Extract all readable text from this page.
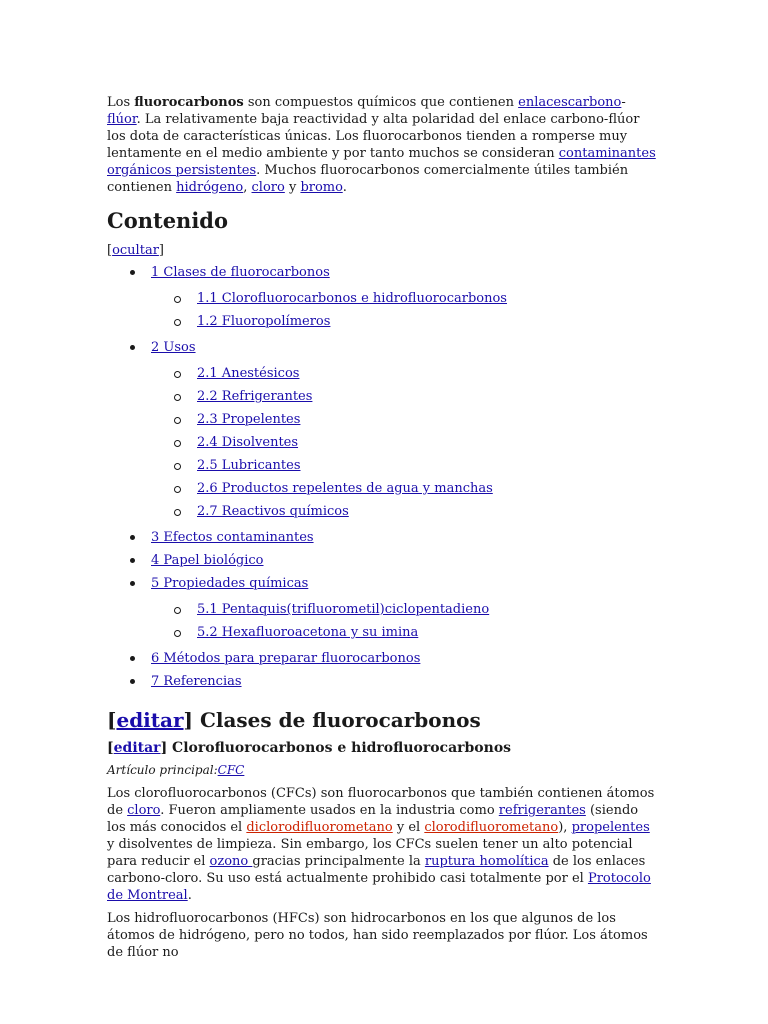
Los fluorocarbonos son compuestos químicos que contienen enlacescarbono-flúor. La relativamente baja reactividad y alta polaridad del enlace carbono-flúor los dota de características únicas. Los fluorocarbonos tienden a romperse muy lentamente en el medio ambiente y por tanto muchos se consideran contaminantes orgánicos persistentes. Muchos fluorocarbonos comercialmente útiles también contienen hidrógeno, cloro y bromo.

Contenido
[ocultar]
1 Clases de fluorocarbonos
1.1 Clorofluorocarbonos e hidrofluorocarbonos
1.2 Fluoropolímeros
2 Usos
2.1 Anestésicos
2.2 Refrigerantes
2.3 Propelentes
2.4 Disolventes
2.5 Lubricantes
2.6 Productos repelentes de agua y manchas
2.7 Reactivos químicos
3 Efectos contaminantes
4 Papel biológico
5 Propiedades químicas
5.1 Pentaquis(trifluorometil)ciclopentadieno
5.2 Hexafluoroacetona y su imina
6 Métodos para preparar fluorocarbonos
7 Referencias
[editar] Clases de fluorocarbonos
[editar] Clorofluorocarbonos e hidrofluorocarbonos
Artículo principal:CFC

Los clorofluorocarbonos (CFCs) son fluorocarbonos que también contienen átomos de cloro. Fueron ampliamente usados en la industria como refrigerantes (siendo los más conocidos el diclorodifluorometano y el clorodifluorometano), propelentes y disolventes de limpieza. Sin embargo, los CFCs suelen tener un alto potencial para reducir el ozono gracias principalmente la ruptura homolítica de los enlaces carbono-cloro. Su uso está actualmente prohibido casi totalmente por el Protocolo de Montreal.

Los hidrofluorocarbonos (HFCs) son hidrocarbonos en los que algunos de los átomos de hidrógeno, pero no todos, han sido reemplazados por flúor. Los átomos de flúor no
